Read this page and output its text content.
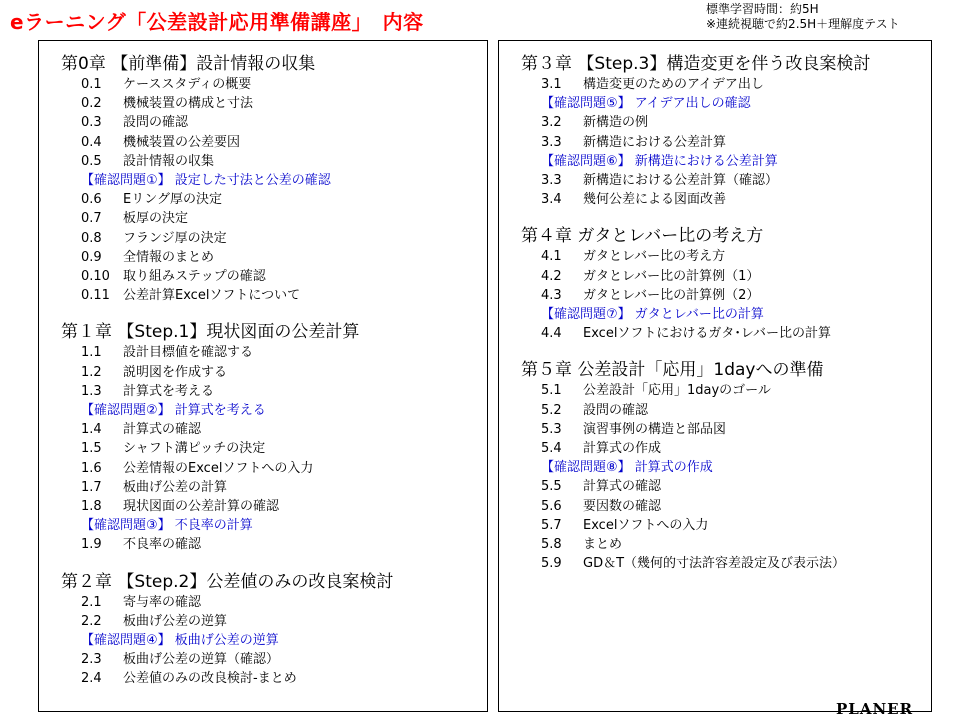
eラーニング「公差設計応用準備講座」　内容
標準学習時間：約5H
※連続視聴で約2.5H＋理解度テスト
第0章 【前準備】設計情報の収集
0.1	ケーススタディの概要
0.2	機械装置の構成と寸法
0.3	設問の確認
0.4	機械装置の公差要因
0.5	設計情報の収集
【確認問題①】 設定した寸法と公差の確認
0.6	Eリング厚の決定
0.7	板厚の決定
0.8	フランジ厚の決定
0.9	全情報のまとめ
0.10	取り組みステップの確認
0.11	公差計算Excelソフトについて
第１章 【Step.1】現状図面の公差計算
1.1	設計目標値を確認する
1.2	説明図を作成する
1.3	計算式を考える
【確認問題②】 計算式を考える
1.4	計算式の確認
1.5	シャフト溝ピッチの決定
1.6	公差情報のExcelソフトへの入力
1.7	板曲げ公差の計算
1.8	現状図面の公差計算の確認
【確認問題③】 不良率の計算
1.9	不良率の確認
第２章 【Step.2】公差値のみの改良案検討
2.1	寄与率の確認
2.2	板曲げ公差の逆算
【確認問題④】 板曲げ公差の逆算
2.3	板曲げ公差の逆算（確認）
2.4	公差値のみの改良検討-まとめ
第３章 【Step.3】構造変更を伴う改良案検討
3.1	構造変更のためのアイデア出し
【確認問題⑤】 アイデア出しの確認
3.2	新構造の例
3.3	新構造における公差計算
【確認問題⑥】 新構造における公差計算
3.3	新構造における公差計算（確認）
3.4	幾何公差による図面改善
第４章 ガタとレバー比の考え方
4.1	ガタとレバー比の考え方
4.2	ガタとレバー比の計算例（1）
4.3	ガタとレバー比の計算例（2）
【確認問題⑦】 ガタとレバー比の計算
4.4	Excelソフトにおけるガタ･レバー比の計算
第５章 公差設計「応用」1dayへの準備
5.1	公差設計「応用」1dayのゴール
5.2	設問の確認
5.3	演習事例の構造と部品図
5.4	計算式の作成
【確認問題⑧】 計算式の作成
5.5	計算式の確認
5.6	要因数の確認
5.7	Excelソフトへの入力
5.8	まとめ
5.9	GD＆T（幾何的寸法許容差設定及び表示法）
PLANER
